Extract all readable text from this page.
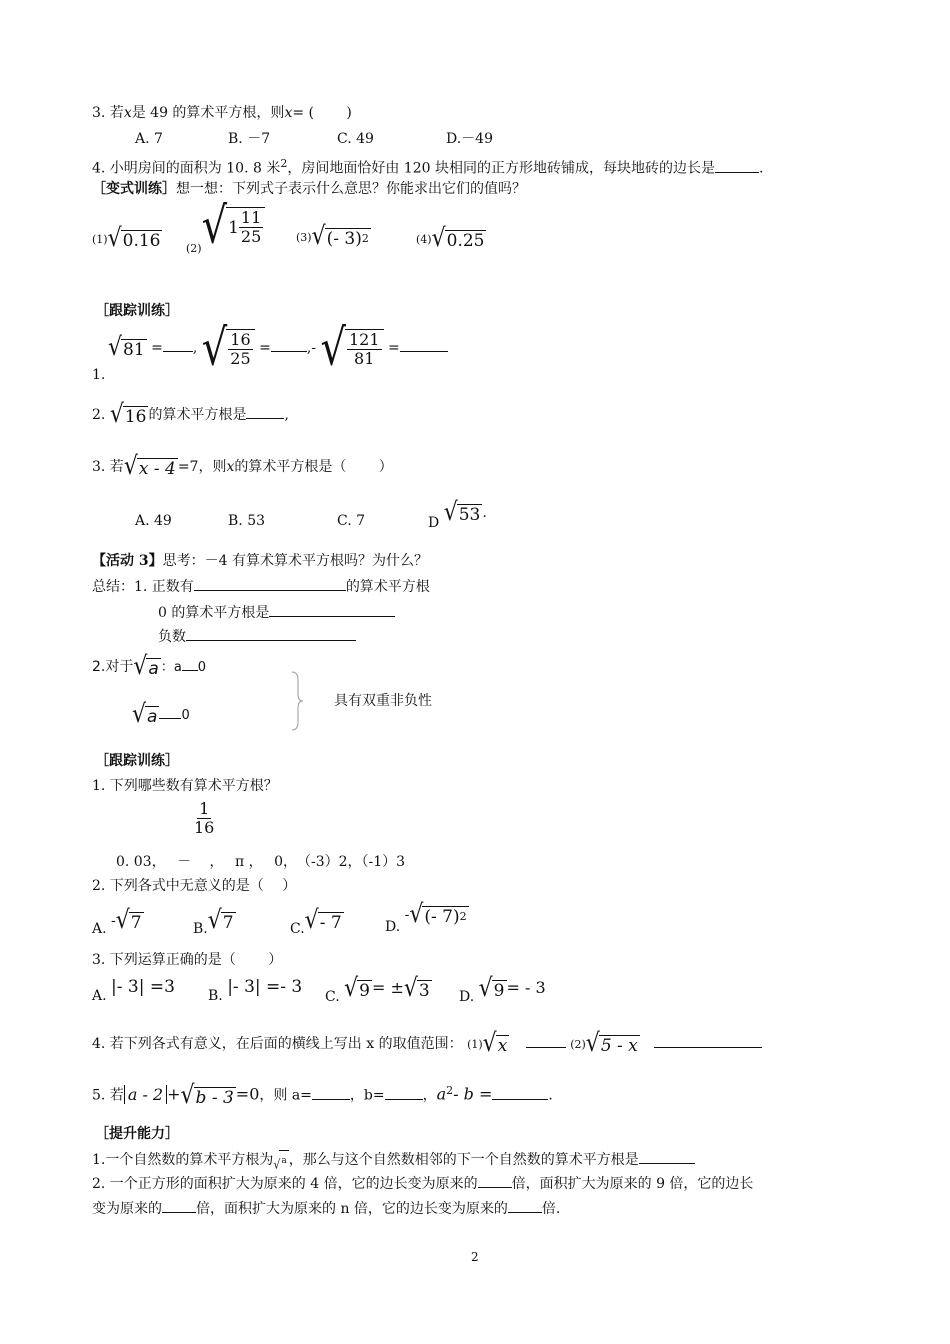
3. 若x是 49 的算术平方根，则x= (　 　)
A. 7	B. －7	C. 49	D.－49
4. 小明房间的面积为 10. 8 米$^2$，房间地面恰好由 120 块相同的正方形地砖铺成，每块地砖的边长是	.
［变式训练］想一想：下列式子表示什么意思？你能求出它们的值吗？
(1) √ 0.16 $_{(2)}$ √ $1 \frac{11}{25}$	(3) √ (- 3) 2	(4) √ 0.25
［跟踪训练］
1.
√ 81 = , √ $\frac{16}{25}$ =	,- √ $\frac{121}{81}$ =
2. √ 16 的算术平方根是	,
3. 若 √ x - 4 =7，则x的算术平方根是（　 　）
A. 49	B. 53	C. 7	D √ 53 .
【活动 3】思考：－4 有算术算术平方根吗？为什么？
总结：1. 正数有	的算术平方根
0 的算术平方根是
负数
2.对于 √ a ：a 0
√ a 0
具有双重非负性
［跟踪训练］
1. 下列哪些数有算术平方根？
$\frac{1}{16}$
0. 03，　 －　 ，　 π ，　 0，　（-3）2，（-1）3
2. 下列各式中无意义的是（　 ）
A. - √ 7	B. √ 7	C. √ - 7	D. - √ (- 7) 2
3. 下列运算正确的是（　 　）
A. |- 3| =3 B. |- 3| =- 3 C. √ 9 = ± √ 3 D. √ 9 = - 3
4. 若下列各式有意义，在后面的横线上写出 x 的取值范围： (1) √ x	(2) √ 5 - x

5. 若 a - 2 + √ b - 3 =0，则 a=	，b=	，$a^2-$ b =	.
［提升能力］
1.一个自然数的算术平方根为 √ a ，那么与这个自然数相邻的下一个自然数的算术平方根是
2. 一个正方形的面积扩大为原来的 4 倍，它的边长变为原来的 倍，面积扩大为原来的 9 倍，它的边长
变为原来的 倍，面积扩大为原来的 n 倍，它的边长变为原来的 倍.
2
